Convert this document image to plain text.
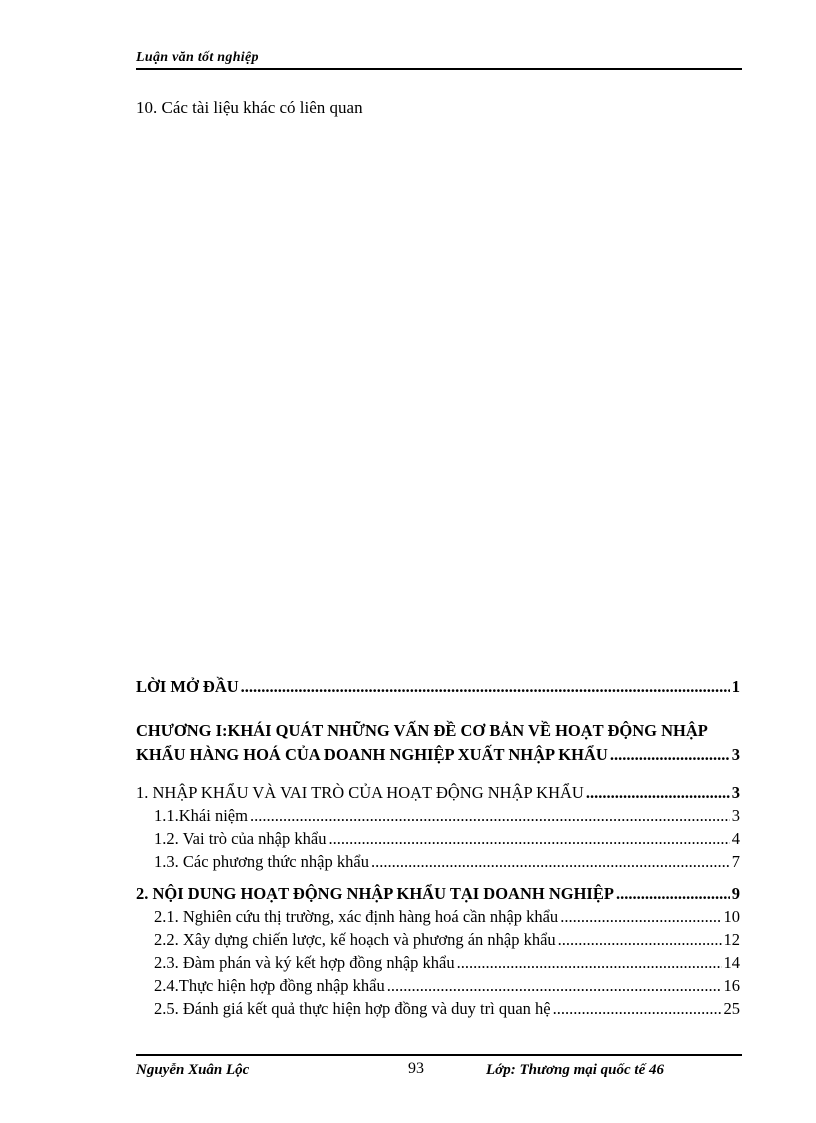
Luận văn tốt nghiệp
10. Các tài liệu khác có liên quan
LỜI MỞ ĐẦU .....	1
CHƯƠNG I:KHÁI QUÁT NHỮNG VẤN ĐỀ CƠ BẢN VỀ HOẠT ĐỘNG NHẬP
KHẨU HÀNG HOÁ CỦA DOANH NGHIỆP XUẤT NHẬP KHẨU .....	3
1. NHẬP KHẨU VÀ VAI TRÒ CỦA HOẠT ĐỘNG NHẬP KHẨU .....	3
1.1.Khái niệm .....	3
1.2. Vai trò của nhập khẩu .....	4
1.3. Các phương thức nhập khẩu .....	7
2. NỘI DUNG HOẠT ĐỘNG NHẬP KHẨU TẠI DOANH NGHIỆP .....	9
2.1. Nghiên cứu thị trường, xác định hàng hoá cần nhập khẩu .....	10
2.2. Xây dựng chiến lược, kế hoạch và phương án nhập khẩu .....	12
2.3. Đàm phán và ký kết hợp đồng nhập khẩu .....	14
2.4.Thực hiện hợp đồng nhập khẩu .....	16
2.5. Đánh giá kết quả thực hiện hợp đồng và duy trì quan hệ .....	25
Nguyễn Xuân Lộc	93	Lớp: Thương mại quốc tế 46
